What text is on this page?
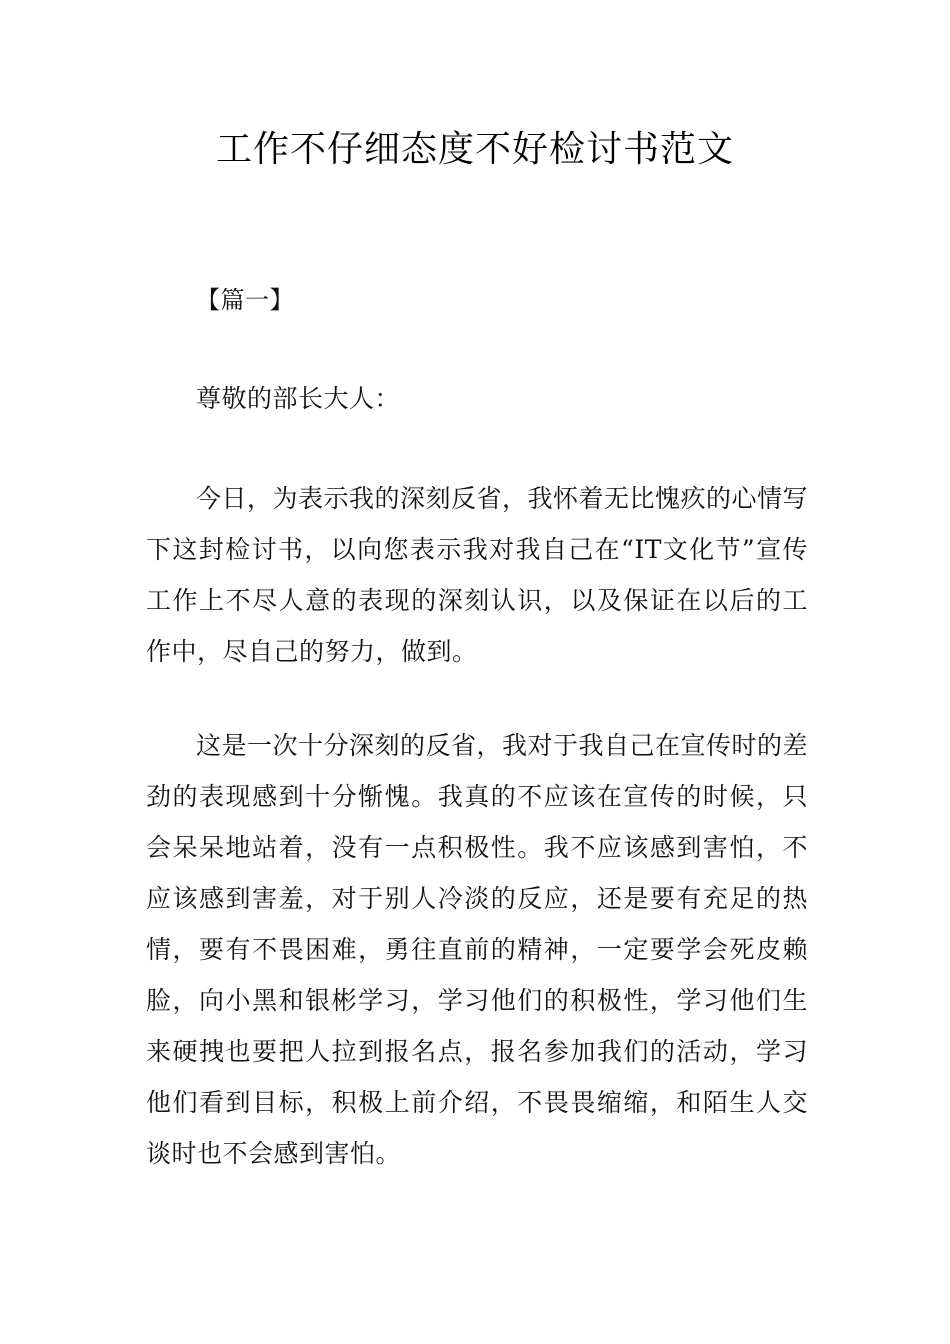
工作不仔细态度不好检讨书范文
【篇一】
尊敬的部长大人：
今日，为表示我的深刻反省，我怀着无比愧疚的心情写下这封检讨书，以向您表示我对我自己在“IT文化节”宣传工作上不尽人意的表现的深刻认识，以及保证在以后的工作中，尽自己的努力，做到。
这是一次十分深刻的反省，我对于我自己在宣传时的差劲的表现感到十分惭愧。我真的不应该在宣传的时候，只会呆呆地站着，没有一点积极性。我不应该感到害怕，不应该感到害羞，对于别人冷淡的反应，还是要有充足的热情，要有不畏困难，勇往直前的精神，一定要学会死皮赖脸，向小黑和银彬学习，学习他们的积极性，学习他们生来硬拽也要把人拉到报名点，报名参加我们的活动，学习他们看到目标，积极上前介绍，不畏畏缩缩，和陌生人交谈时也不会感到害怕。
